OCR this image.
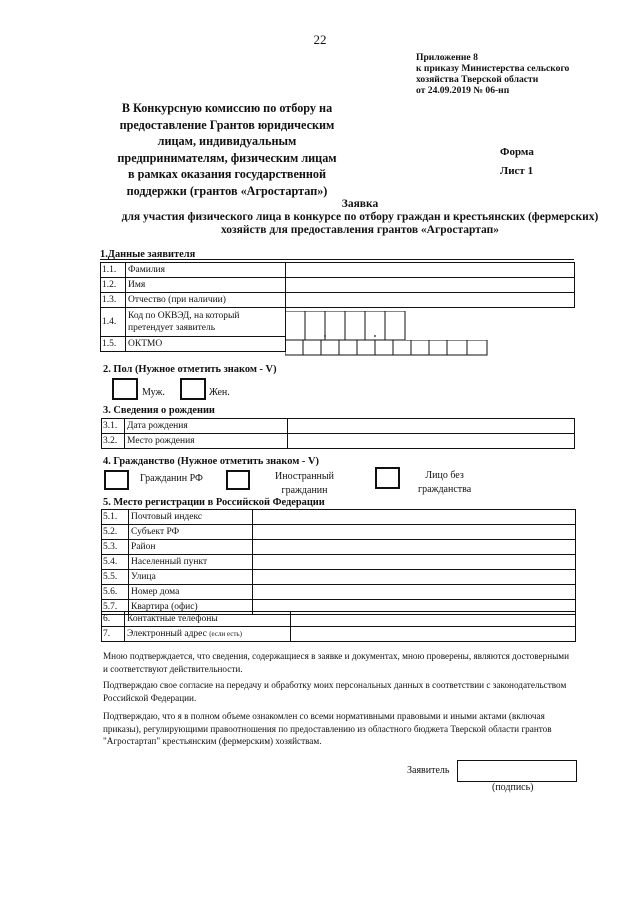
22
Приложение 8
к приказу Министерства сельского
хозяйства Тверской области
от 24.09.2019 № 06-нп
В Конкурсную комиссию по отбору на
предоставление Грантов юридическим
лицам, индивидуальным
предпринимателям, физическим лицам
в рамках оказания государственной
поддержки (грантов «Агростартап»)
Форма
Лист 1
Заявка
для участия физического лица в конкурсе по отбору граждан и крестьянских (фермерских)
хозяйств для предоставления грантов «Агростартап»
1.Данные заявителя
1.1.	Фамилия	
1.2.	Имя	
1.3.	Отчество (при наличии)	
1.4.	Код по ОКВЭД, на который претендует заявитель	
1.5.	ОКТМО	
2. Пол (Нужное отметить знаком - V)
Муж.	Жен.
3. Сведения о рождении
3.1.	Дата рождения	
3.2.	Место рождения	
4. Гражданство (Нужное отметить знаком - V)
Гражданин РФ	Иностранный
гражданин
Лицо без
гражданства
5. Место регистрации в Российской Федерации
5.1.	Почтовый индекс	
5.2.	Субъект РФ	
5.3.	Район	
5.4.	Населенный пункт	
5.5.	Улица	
5.6.	Номер дома	
5.7.	Квартира (офис)	
6.	Контактные телефоны	
7.	Электронный адрес (если есть)	
Мною подтверждается, что сведения, содержащиеся в заявке и документах, мною проверены, являются достоверными и соответствуют действительности.
Подтверждаю свое согласие на передачу и обработку моих персональных данных в соответствии с законодательством Российской Федерации.
Подтверждаю, что я в полном объеме ознакомлен со всеми нормативными правовыми и иными актами (включая приказы), регулирующими правоотношения по предоставлению из областного бюджета Тверской области грантов "Агростартап" крестьянским (фермерским) хозяйствам.
Заявитель
(подпись)
